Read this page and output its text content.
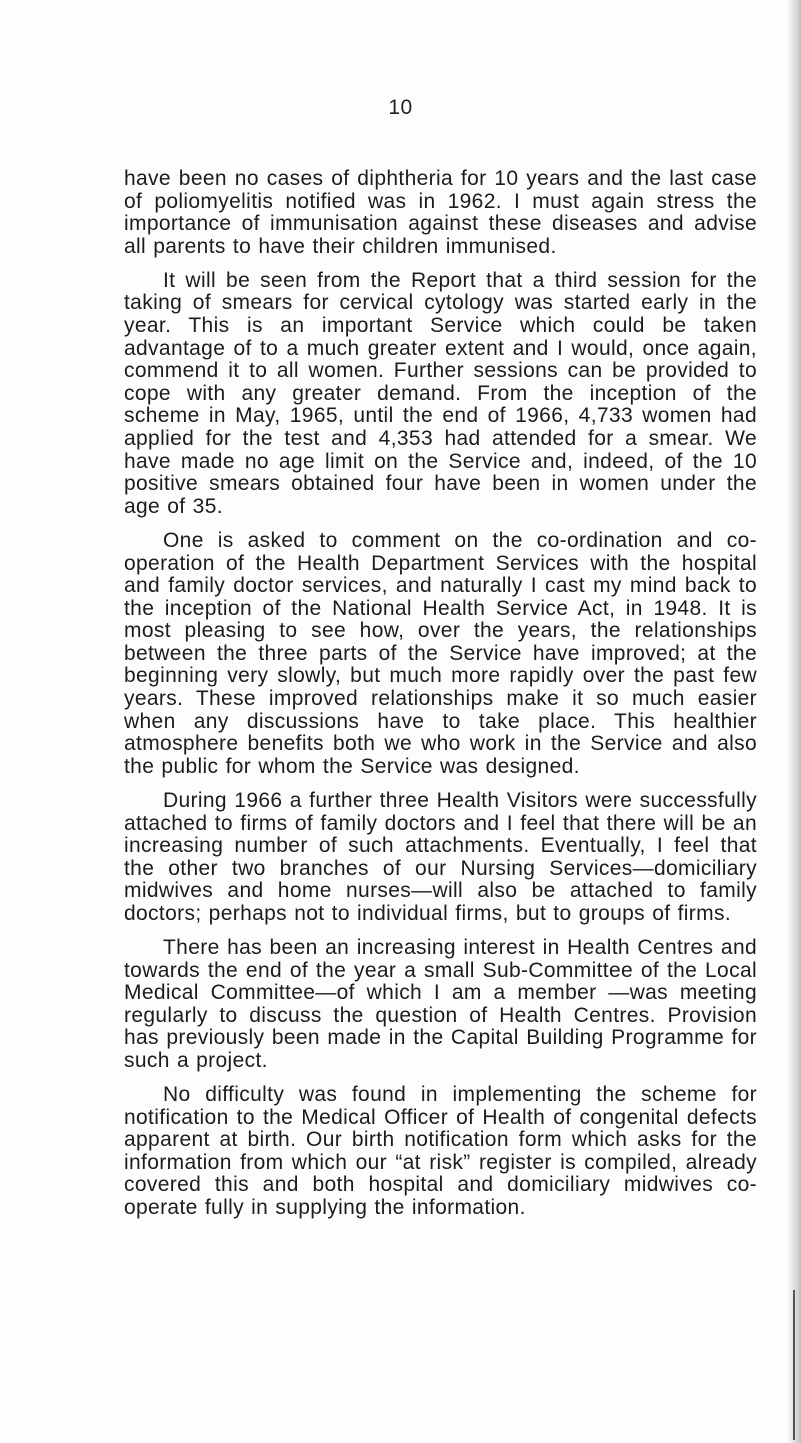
10

have been no cases of diphtheria for 10 years and the last case of poliomyelitis notified was in 1962. I must again stress the importance of immunisation against these diseases and advise all parents to have their children immunised.

It will be seen from the Report that a third session for the taking of smears for cervical cytology was started early in the year. This is an important Service which could be taken advantage of to a much greater extent and I would, once again, commend it to all women. Further sessions can be provided to cope with any greater demand. From the inception of the scheme in May, 1965, until the end of 1966, 4,733 women had applied for the test and 4,353 had attended for a smear. We have made no age limit on the Service and, indeed, of the 10 positive smears obtained four have been in women under the age of 35.

One is asked to comment on the co-ordination and co-operation of the Health Department Services with the hospital and family doctor services, and naturally I cast my mind back to the inception of the National Health Service Act, in 1948. It is most pleasing to see how, over the years, the relationships between the three parts of the Service have improved; at the beginning very slowly, but much more rapidly over the past few years. These improved relationships make it so much easier when any discussions have to take place. This healthier atmosphere benefits both we who work in the Service and also the public for whom the Service was designed.

During 1966 a further three Health Visitors were successfully attached to firms of family doctors and I feel that there will be an increasing number of such attachments. Eventually, I feel that the other two branches of our Nursing Services—domiciliary midwives and home nurses—will also be attached to family doctors; perhaps not to individual firms, but to groups of firms.

There has been an increasing interest in Health Centres and towards the end of the year a small Sub-Committee of the Local Medical Committee—of which I am a member —was meeting regularly to discuss the question of Health Centres. Provision has previously been made in the Capital Building Programme for such a project.

No difficulty was found in implementing the scheme for notification to the Medical Officer of Health of congenital defects apparent at birth. Our birth notification form which asks for the information from which our “at risk” register is compiled, already covered this and both hospital and domiciliary midwives co-operate fully in supplying the information.
